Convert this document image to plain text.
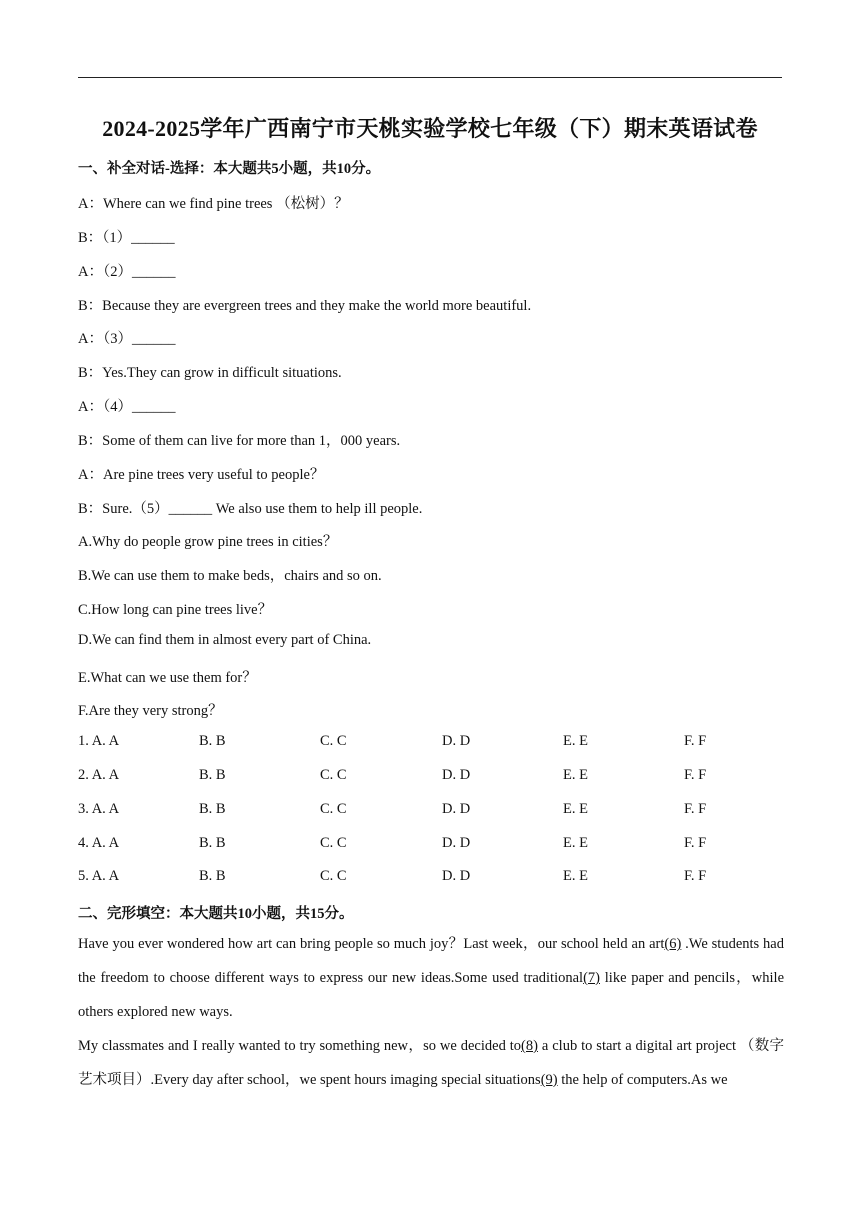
2024-2025学年广西南宁市天桃实验学校七年级（下）期末英语试卷
一、补全对话-选择：本大题共5小题，共10分。
A：Where can we find pine trees （松树）？
B：（1）______
A：（2）______
B：Because they are evergreen trees and they make the world more beautiful.
A：（3）______
B：Yes.They can grow in difficult situations.
A：（4）______
B：Some of them can live for more than 1，000 years.
A：Are pine trees very useful to people？
B：Sure.（5）______ We also use them to help ill people.
A.Why do people grow pine trees in cities？
B.We can use them to make beds，chairs and so on.
C.How long can pine trees live？
D.We can find them in almost every part of China.
E.What can we use them for？
F.Are they very strong？
1. A. A	B. B	C. C	D. D	E. E	F. F
2. A. A	B. B	C. C	D. D	E. E	F. F
3. A. A	B. B	C. C	D. D	E. E	F. F
4. A. A	B. B	C. C	D. D	E. E	F. F
5. A. A	B. B	C. C	D. D	E. E	F. F
二、完形填空：本大题共10小题，共15分。
Have you ever wondered how art can bring people so much joy？Last week，our school held an art(6) .We students had the freedom to choose different ways to express our new ideas.Some used traditional(7) like paper and pencils，while others explored new ways.
My classmates and I really wanted to try something new，so we decided to(8) a club to start a digital art project （数字艺术项目）.Every day after school，we spent hours imaging special situations(9) the help of computers.As we
